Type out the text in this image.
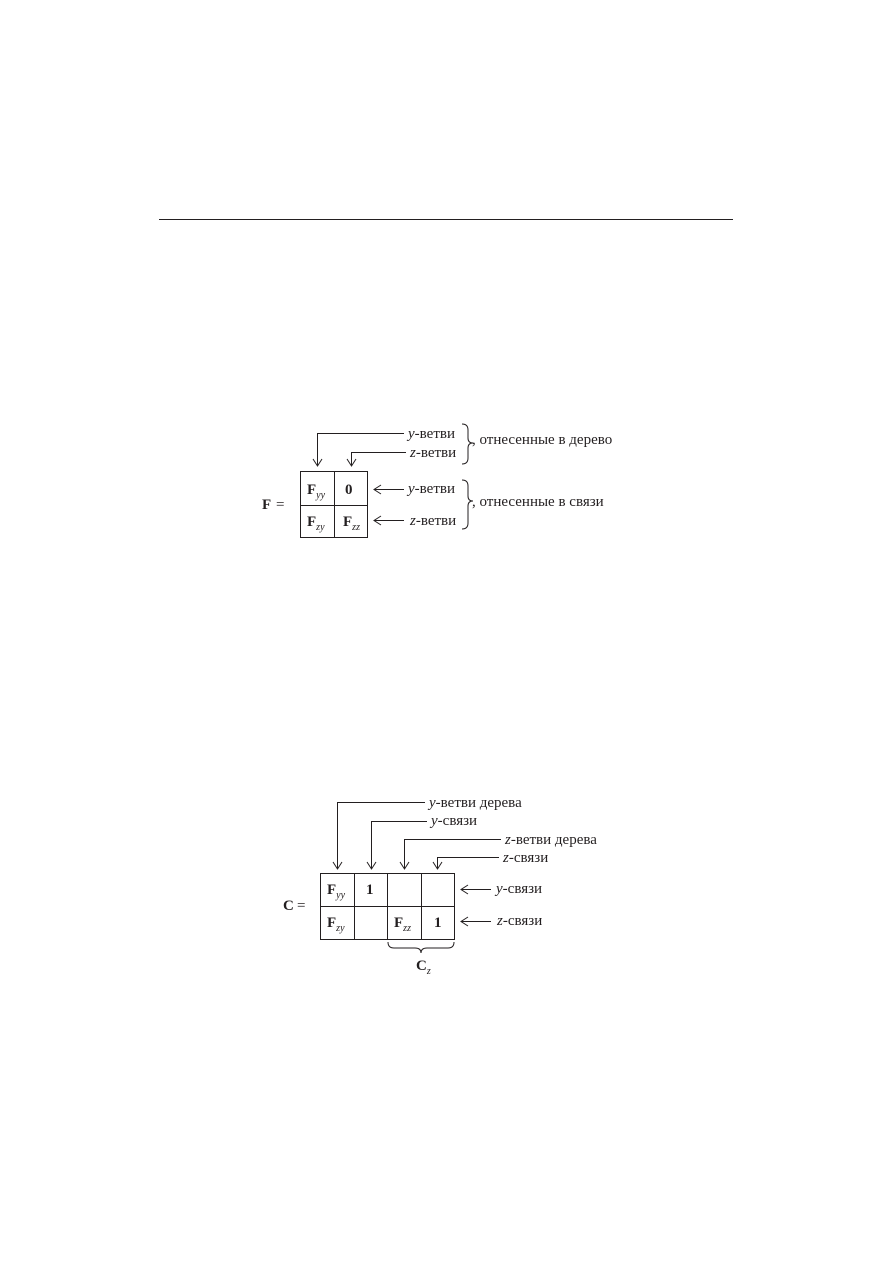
F =
$F_{yy}$ 0
$F_{zy}$ $F_{zz}$
y-ветви
z-ветви
y-ветви
z-ветви
, отнесенные в дерево
, отнесенные в связи
C =
$F_{yy}$ 1
$F_{zy}$	$F_{zz}$ 1
y-ветви дерева
y-связи
z-ветви дерева
z-связи
y-связи
z-связи
$C_z$
